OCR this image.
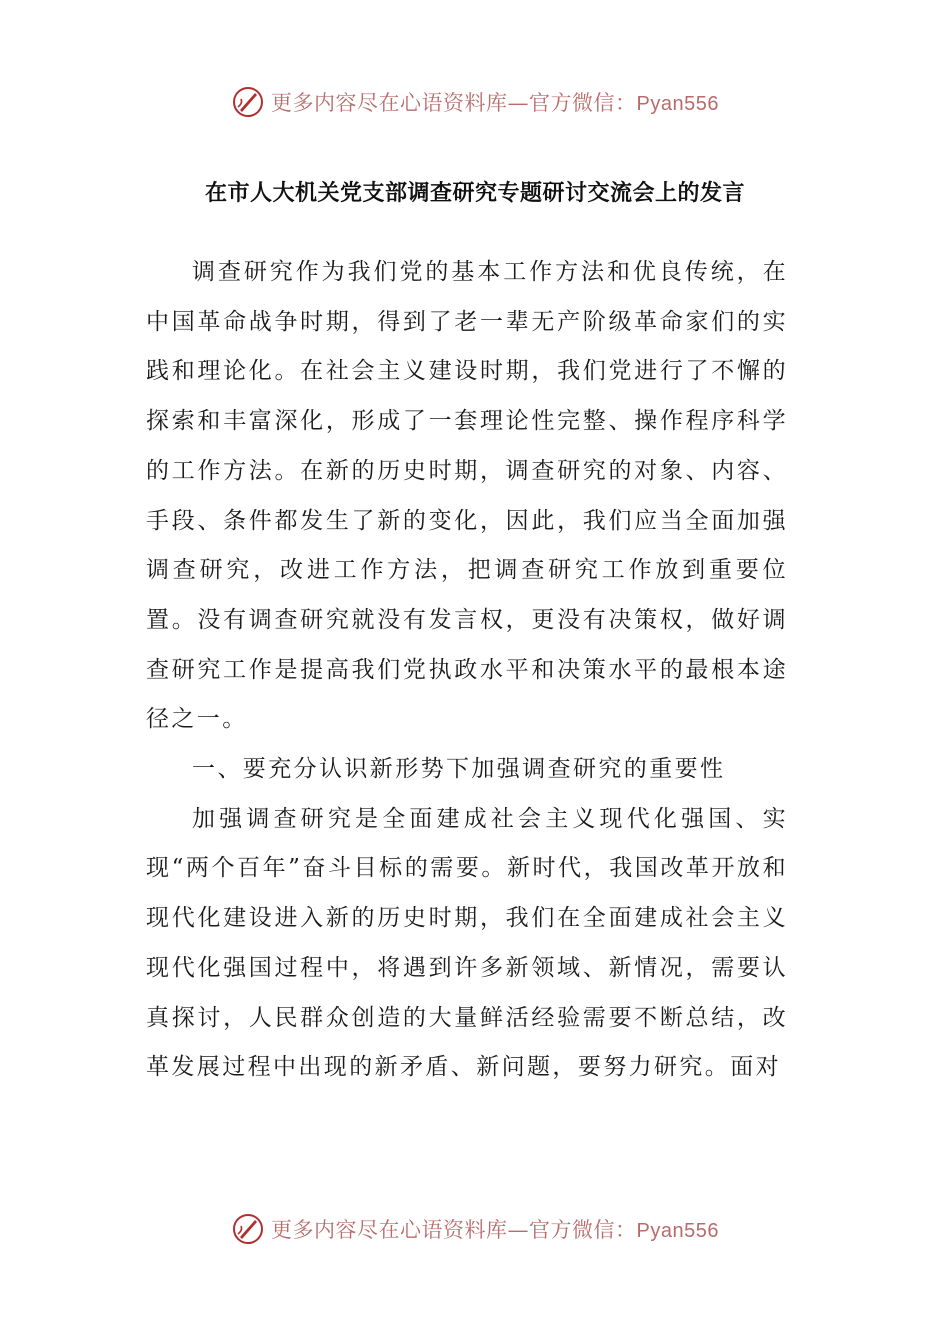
更多内容尽在心语资料库—官方微信：Pyan556
在市人大机关党支部调查研究专题研讨交流会上的发言

调查研究作为我们党的基本工作方法和优良传统，在中国革命战争时期，得到了老一辈无产阶级革命家们的实践和理论化。在社会主义建设时期，我们党进行了不懈的探索和丰富深化，形成了一套理论性完整、操作程序科学的工作方法。在新的历史时期，调查研究的对象、内容、手段、条件都发生了新的变化，因此，我们应当全面加强调查研究，改进工作方法，把调查研究工作放到重要位置。没有调查研究就没有发言权，更没有决策权，做好调查研究工作是提高我们党执政水平和决策水平的最根本途径之一。

一、要充分认识新形势下加强调查研究的重要性

加强调查研究是全面建成社会主义现代化强国、实现“两个百年”奋斗目标的需要。新时代，我国改革开放和现代化建设进入新的历史时期，我们在全面建成社会主义现代化强国过程中，将遇到许多新领域、新情况，需要认真探讨，人民群众创造的大量鲜活经验需要不断总结，改革发展过程中出现的新矛盾、新问题，要努力研究。面对

更多内容尽在心语资料库—官方微信：Pyan556
